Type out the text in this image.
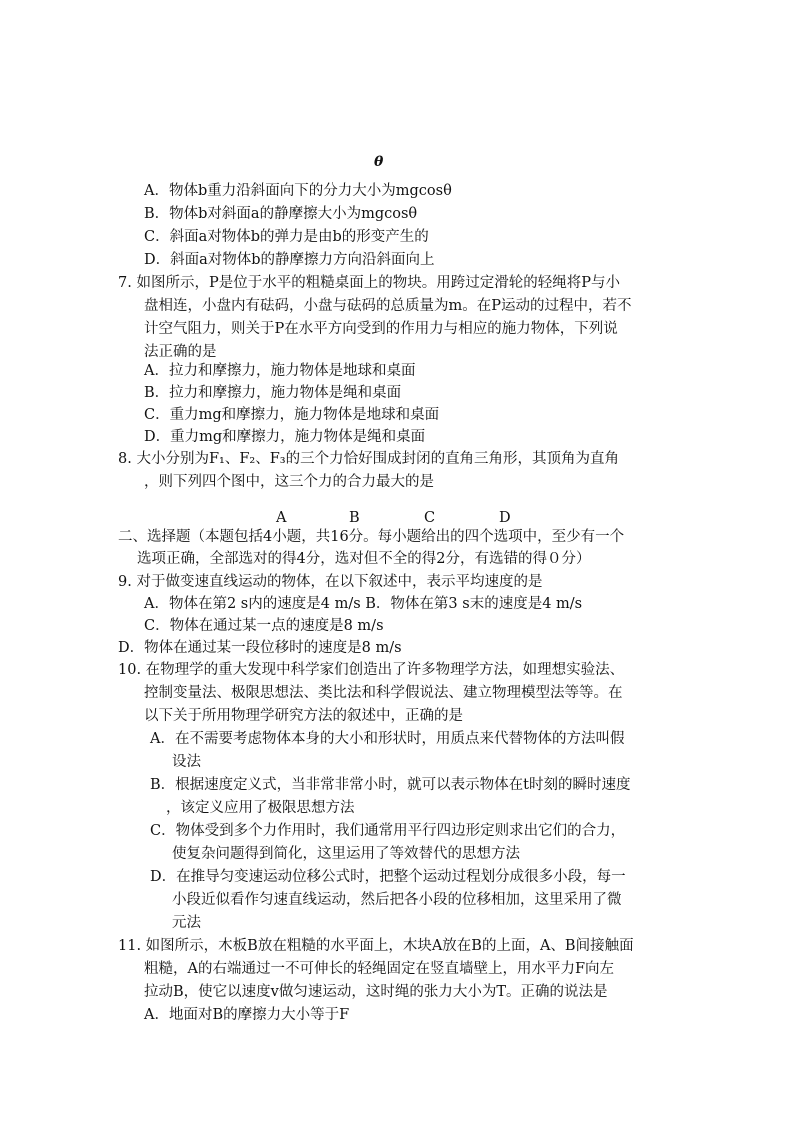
θ
A．物体b重力沿斜面向下的分力大小为mgcosθ
B．物体b对斜面a的静摩擦大小为mgcosθ
C．斜面a对物体b的弹力是由b的形变产生的
D．斜面a对物体b的静摩擦力方向沿斜面向上
7. 如图所示，P是位于水平的粗糙桌面上的物块。用跨过定滑轮的轻绳将P与小
盘相连，小盘内有砝码，小盘与砝码的总质量为m。在P运动的过程中，若不
计空气阻力，则关于P在水平方向受到的作用力与相应的施力物体，下列说
法正确的是
A．拉力和摩擦力，施力物体是地球和桌面
B．拉力和摩擦力，施力物体是绳和桌面
C．重力mg和摩擦力，施力物体是地球和桌面
D．重力mg和摩擦力，施力物体是绳和桌面
8. 大小分别为F₁、F₂、F₃的三个力恰好围成封闭的直角三角形，其顶角为直角
，则下列四个图中，这三个力的合力最大的是
A	B	C	D
二、选择题（本题包括4小题，共16分。每小题给出的四个选项中，至少有一个
选项正确，全部选对的得4分，选对但不全的得2分，有选错的得０分）
9. 对于做变速直线运动的物体，在以下叙述中，表示平均速度的是
A．物体在第2 s内的速度是4 m/s B．物体在第3 s末的速度是4 m/s
C．物体在通过某一点的速度是8 m/s
D．物体在通过某一段位移时的速度是8 m/s
10. 在物理学的重大发现中科学家们创造出了许多物理学方法，如理想实验法、
控制变量法、极限思想法、类比法和科学假说法、建立物理模型法等等。在
以下关于所用物理学研究方法的叙述中，正确的是
A．在不需要考虑物体本身的大小和形状时，用质点来代替物体的方法叫假
设法
B．根据速度定义式，当非常非常小时，就可以表示物体在t时刻的瞬时速度
，该定义应用了极限思想方法
C．物体受到多个力作用时，我们通常用平行四边形定则求出它们的合力，
使复杂问题得到简化，这里运用了等效替代的思想方法
D．在推导匀变速运动位移公式时，把整个运动过程划分成很多小段，每一
小段近似看作匀速直线运动，然后把各小段的位移相加，这里采用了微
元法
11. 如图所示，木板B放在粗糙的水平面上，木块A放在B的上面，A、B间接触面
粗糙，A的右端通过一不可伸长的轻绳固定在竖直墙壁上，用水平力F向左
拉动B，使它以速度v做匀速运动，这时绳的张力大小为T。正确的说法是
A．地面对B的摩擦力大小等于F
